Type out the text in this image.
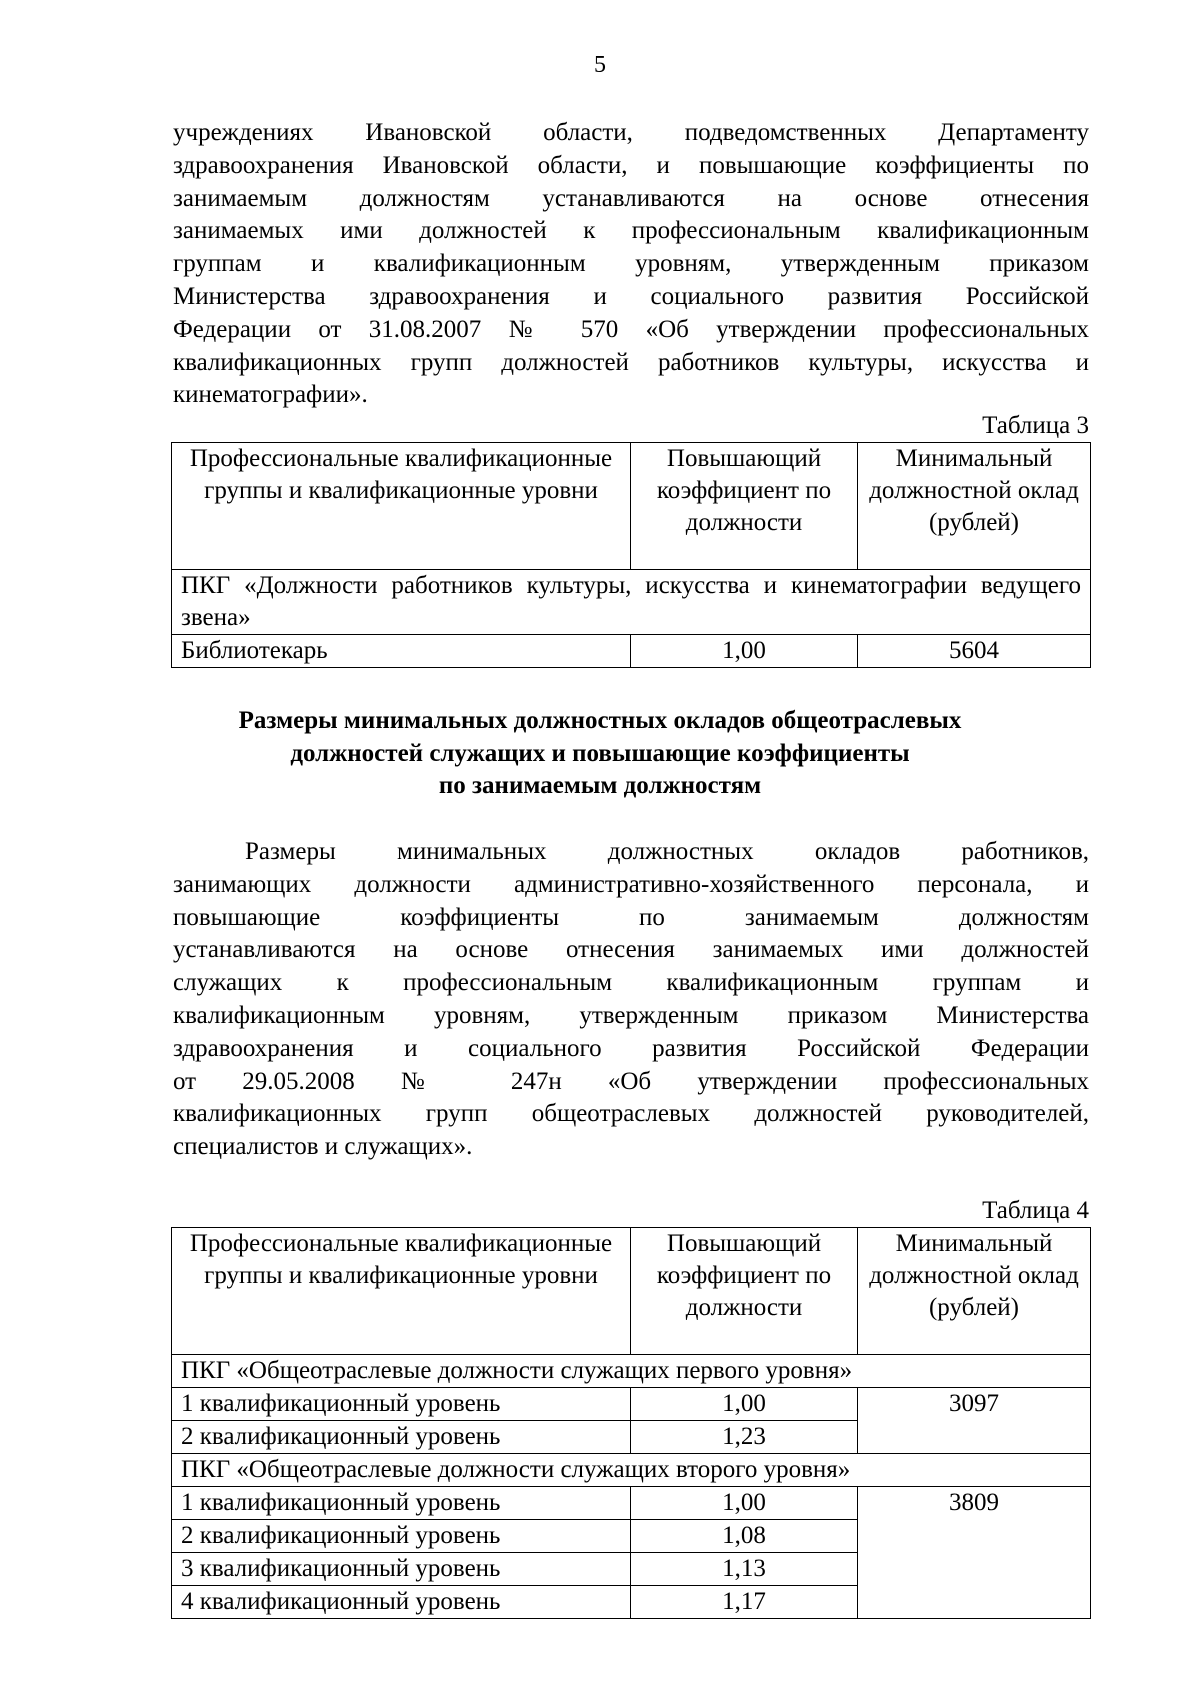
5
учреждениях Ивановской области, подведомственных Департаменту
здравоохранения Ивановской области, и повышающие коэффициенты по
занимаемым должностям устанавливаются на основе отнесения
занимаемых ими должностей к профессиональным квалификационным
группам и квалификационным уровням, утвержденным приказом
Министерства здравоохранения и социального развития Российской
Федерации от 31.08.2007 № 570 «Об утверждении профессиональных
квалификационных групп должностей работников культуры, искусства и
кинематографии».
Таблица 3
Профессиональные квалификационные группы и квалификационные уровни	Повышающий коэффициент по должности	Минимальный должностной оклад (рублей)
ПКГ «Должности работников культуры, искусства и кинематографии ведущего звена»		
Библиотекарь	1,00	5604
Размеры минимальных должностных окладов общеотраслевых
должностей служащих и повышающие коэффициенты
по занимаемым должностям
Размеры минимальных должностных окладов работников,
занимающих должности административно-хозяйственного персонала, и
повышающие коэффициенты по занимаемым должностям
устанавливаются на основе отнесения занимаемых ими должностей
служащих к профессиональным квалификационным группам и
квалификационным уровням, утвержденным приказом Министерства
здравоохранения и социального развития Российской Федерации
от 29.05.2008 № 247н «Об утверждении профессиональных
квалификационных групп общеотраслевых должностей руководителей,
специалистов и служащих».
Таблица 4
Профессиональные квалификационные группы и квалификационные уровни	Повышающий коэффициент по должности	Минимальный должностной оклад (рублей)
ПКГ «Общеотраслевые должности служащих первого уровня»		
1 квалификационный уровень	1,00	3097
2 квалификационный уровень	1,23	
ПКГ «Общеотраслевые должности служащих второго уровня»		
1 квалификационный уровень	1,00	3809
2 квалификационный уровень	1,08	
3 квалификационный уровень	1,13	
4 квалификационный уровень	1,17	
